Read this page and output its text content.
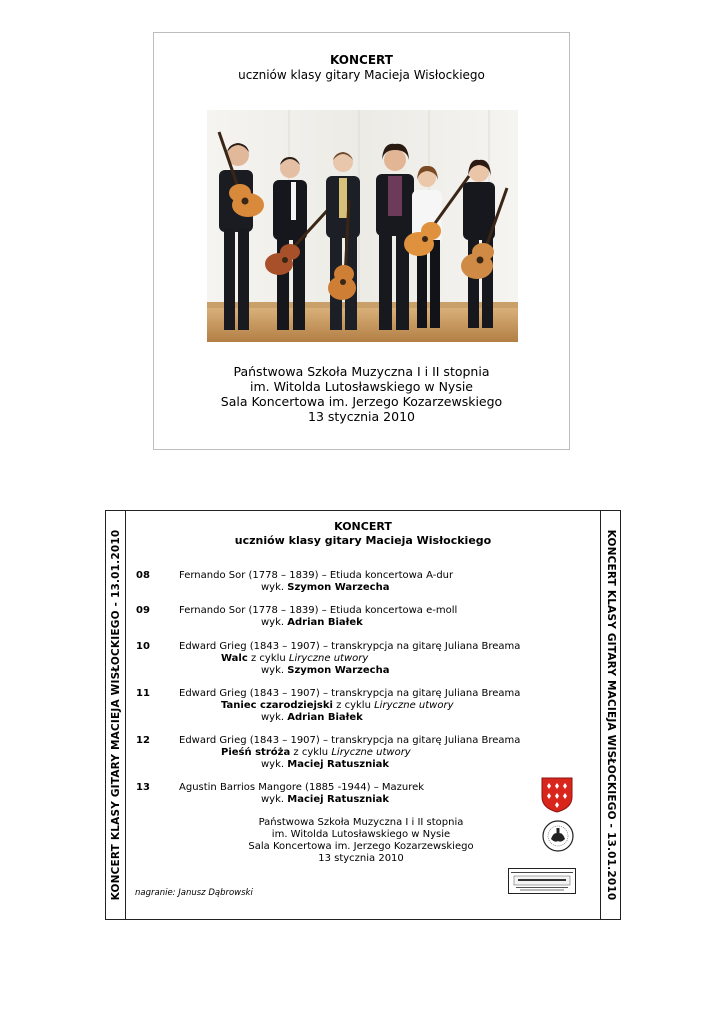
KONCERT
uczniów klasy gitary Macieja Wisłockiego
Państwowa Szkoła Muzyczna I i II stopnia
im. Witolda Lutosławskiego w Nysie
Sala Koncertowa im. Jerzego Kozarzewskiego
13 stycznia 2010
KONCERT KLASY GITARY MACIEJA WISŁOCKIEGO - 13.01.2010	KONCERT KLASY GITARY MACIEJA WISŁOCKIEGO - 13.01.2010
KONCERT
uczniów klasy gitary Macieja Wisłockiego
08	Fernando Sor (1778 – 1839) – Etiuda koncertowa A-dur
wyk. Szymon Warzecha
09	Fernando Sor (1778 – 1839) – Etiuda koncertowa e-moll
wyk. Adrian Białek
10	Edward Grieg (1843 – 1907) – transkrypcja na gitarę Juliana Breama
Walc z cyklu Liryczne utwory
wyk. Szymon Warzecha
11	Edward Grieg (1843 – 1907) – transkrypcja na gitarę Juliana Breama
Taniec czarodziejski z cyklu Liryczne utwory
wyk. Adrian Białek
12	Edward Grieg (1843 – 1907) – transkrypcja na gitarę Juliana Breama
Pieśń stróża z cyklu Liryczne utwory
wyk. Maciej Ratuszniak
13	Agustin Barrios Mangore (1885 -1944) – Mazurek
wyk. Maciej Ratuszniak
Państwowa Szkoła Muzyczna I i II stopnia
im. Witolda Lutosławskiego w Nysie
Sala Koncertowa im. Jerzego Kozarzewskiego
13 stycznia 2010
nagranie: Janusz Dąbrowski
